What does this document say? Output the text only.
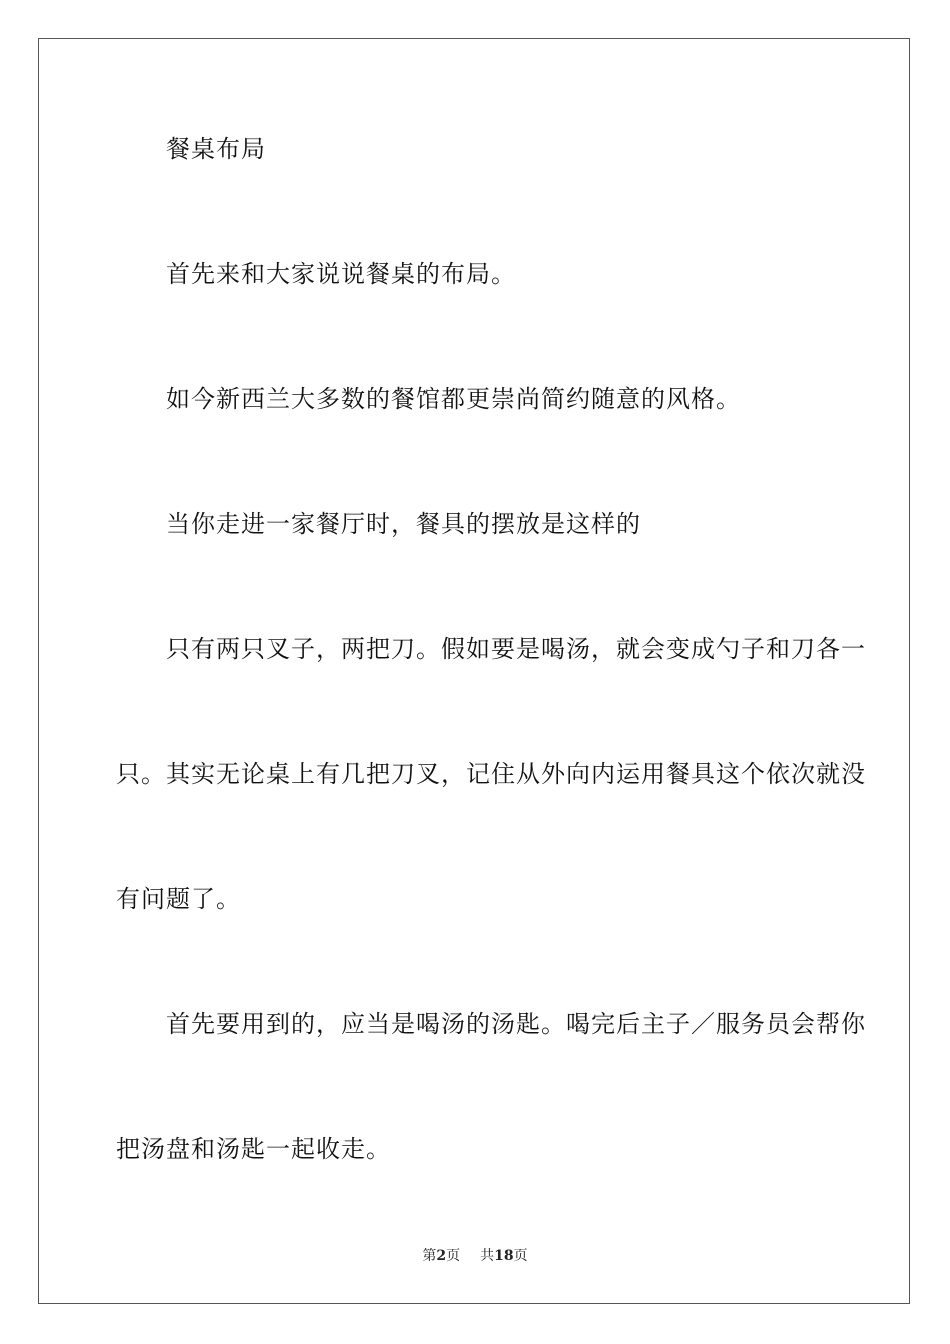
餐桌布局
首先来和大家说说餐桌的布局。
如今新西兰大多数的餐馆都更崇尚简约随意的风格。
当你走进一家餐厅时，餐具的摆放是这样的
只有两只叉子，两把刀。假如要是喝汤，就会变成勺子和刀各一
只。其实无论桌上有几把刀叉，记住从外向内运用餐具这个依次就没
有问题了。
首先要用到的，应当是喝汤的汤匙。喝完后主子／服务员会帮你
把汤盘和汤匙一起收走。
第2页 共18页
